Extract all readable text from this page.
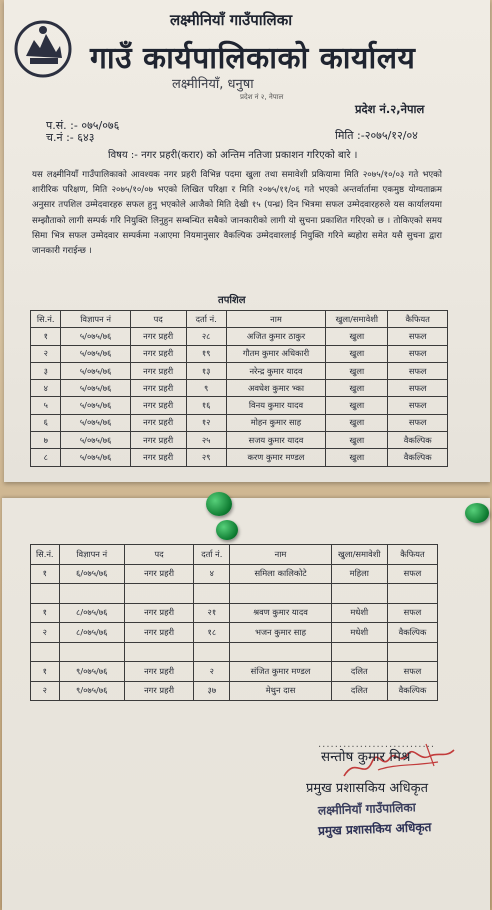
लक्ष्मीनियाँ गाउँपालिका
गाउँ कार्यपालिकाको कार्यालय
लक्ष्मीनियाँ, धनुषा
प्रदेश नं २, नेपाल
प्रदेश नं.२,नेपाल
प.सं. :- ०७५/०७६
च.नं :- ६४३	मिति :-२०७५/१२/०४
विषय :- नगर प्रहरी(करार) को अन्तिम नतिजा प्रकाशन गरिएको बारे ।
यस लक्ष्मीनियाँ गाउँपालिकाको आवश्यक नगर प्रहरी विभिन्न पदमा खुला तथा समावेशी प्रकियामा मिति २०७५/१०/०३ गते भएको शारीरिक परिक्षण, मिति २०७५/१०/०७ भएको लिखित परिक्षा र मिति २०७५/११/०६ गते भएको अन्तर्वार्तामा एकमुष्ठ योग्यताक्रम अनुसार तपशिल उम्मेदवारहरु सफल हुनु भएकोले आजैको मिति देखी १५ (पन्ध्र) दिन भित्रमा सफल उम्मेदवारहरुले यस कार्यालयमा सम्झौताको लागी सम्पर्क गरि नियुक्ति लिनुहुन सम्बन्धित सबैको जानकारीको लागी यो सुचना प्रकाशित गरिएको छ । तोकिएको समय सिमा भित्र सफल उम्मेदवार सम्पर्कमा नआएमा नियमानुसार वैकल्पिक उम्मेदवारलाई नियुक्ति गरिने ब्यहोरा समेत यसै सुचना द्वारा जानकारी गराईन्छ ।
तपशिल
सि.नं.	विज्ञापन नं	पद	दर्ता नं.	नाम	खुला/समावेशी	कैफियत
१	५/०७५/७६	नगर प्रहरी	२८	अजित कुमार ठाकुर	खुला	सफल
२	५/०७५/७६	नगर प्रहरी	१९	गौतम कुमार अधिकारी	खुला	सफल
३	५/०७५/७६	नगर प्रहरी	१३	नरेन्द्र कुमार यादव	खुला	सफल
४	५/०७५/७६	नगर प्रहरी	९	अवधेश कुमार भ्का	खुला	सफल
५	५/०७५/७६	नगर प्रहरी	१६	विनय कुमार यादव	खुला	सफल
६	५/०७५/७६	नगर प्रहरी	१२	मोहन कुमार साह	खुला	सफल
७	५/०७५/७६	नगर प्रहरी	२५	सजय कुमार यादव	खुला	वैकल्पिक
८	५/०७५/७६	नगर प्रहरी	२९	करण कुमार मण्डल	खुला	वैकल्पिक
सि.नं.	विज्ञापन नं	पद	दर्ता नं.	नाम	खुला/समावेशी	कैफियत
१	६/०७५/७६	नगर प्रहरी	४	समिला कालिकोटे	महिला	सफल

१	८/०७५/७६	नगर प्रहरी	२१	श्रवण कुमार यादव	मधेशी	सफल
२	८/०७५/७६	नगर प्रहरी	१८	भजन कुमार साह	मधेशी	वैकल्पिक

१	९/०७५/७६	नगर प्रहरी	२	संजित कुमार मण्डल	दलित	सफल
२	९/०७५/७६	नगर प्रहरी	३७	मेथुन दास	दलित	वैकल्पिक
............................
सन्तोष कुमार मिश्र
प्रमुख प्रशासकिय अधिकृत
लक्ष्मीनियाँ गाउँपालिका
प्रमुख प्रशासकिय अधिकृत
